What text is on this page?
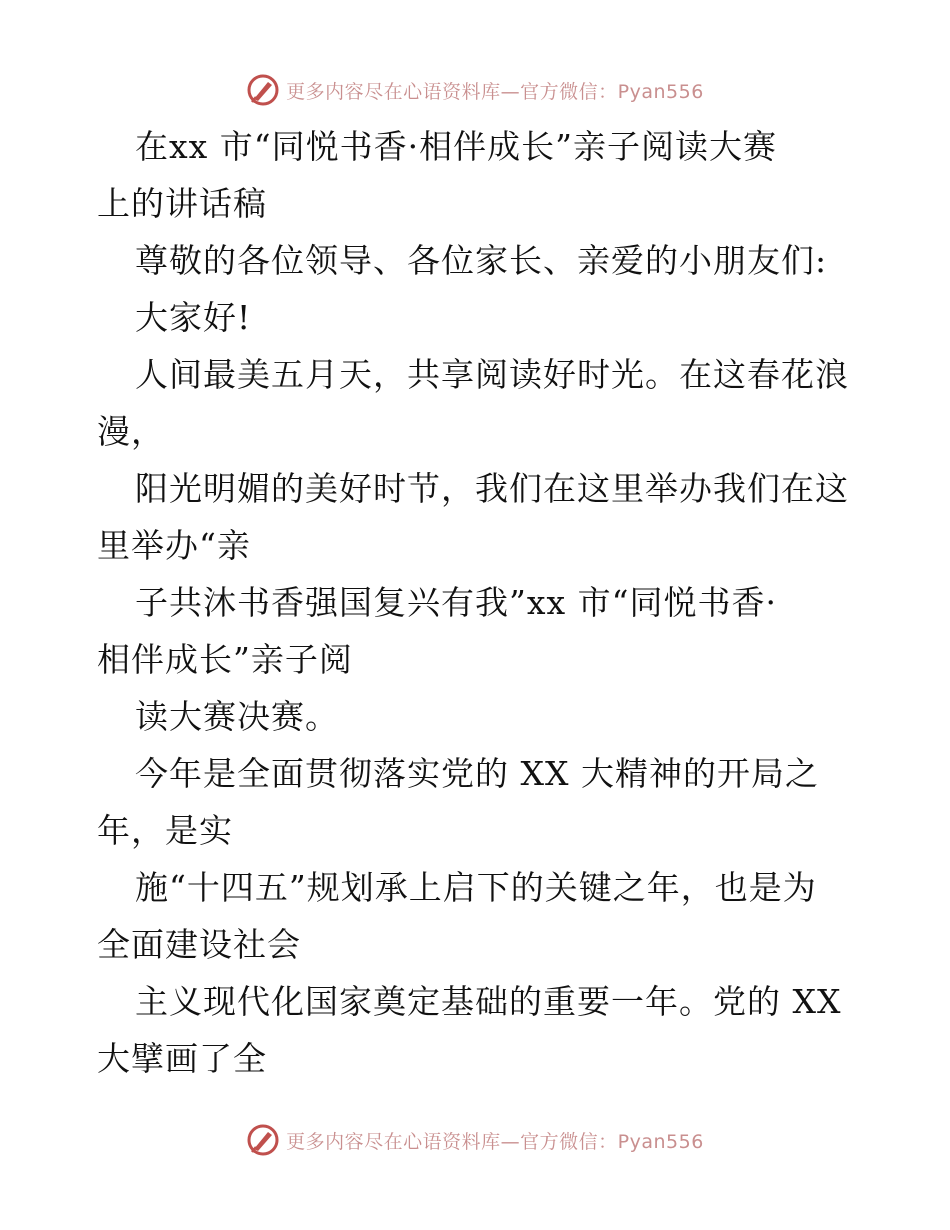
更多内容尽在心语资料库—官方微信：Pyan556
在xx 市“同悦书香·相伴成长”亲子阅读大赛
上的讲话稿
尊敬的各位领导、各位家长、亲爱的小朋友们:
大家好!
人间最美五月天，共享阅读好时光。在这春花浪
漫，
阳光明媚的美好时节，我们在这里举办我们在这
里举办“亲
子共沐书香强国复兴有我”xx 市“同悦书香·
相伴成长”亲子阅
读大赛决赛。
今年是全面贯彻落实党的 XX 大精神的开局之
年，是实
施“十四五”规划承上启下的关键之年，也是为
全面建设社会
主义现代化国家奠定基础的重要一年。党的 XX
大擘画了全
更多内容尽在心语资料库—官方微信：Pyan556
